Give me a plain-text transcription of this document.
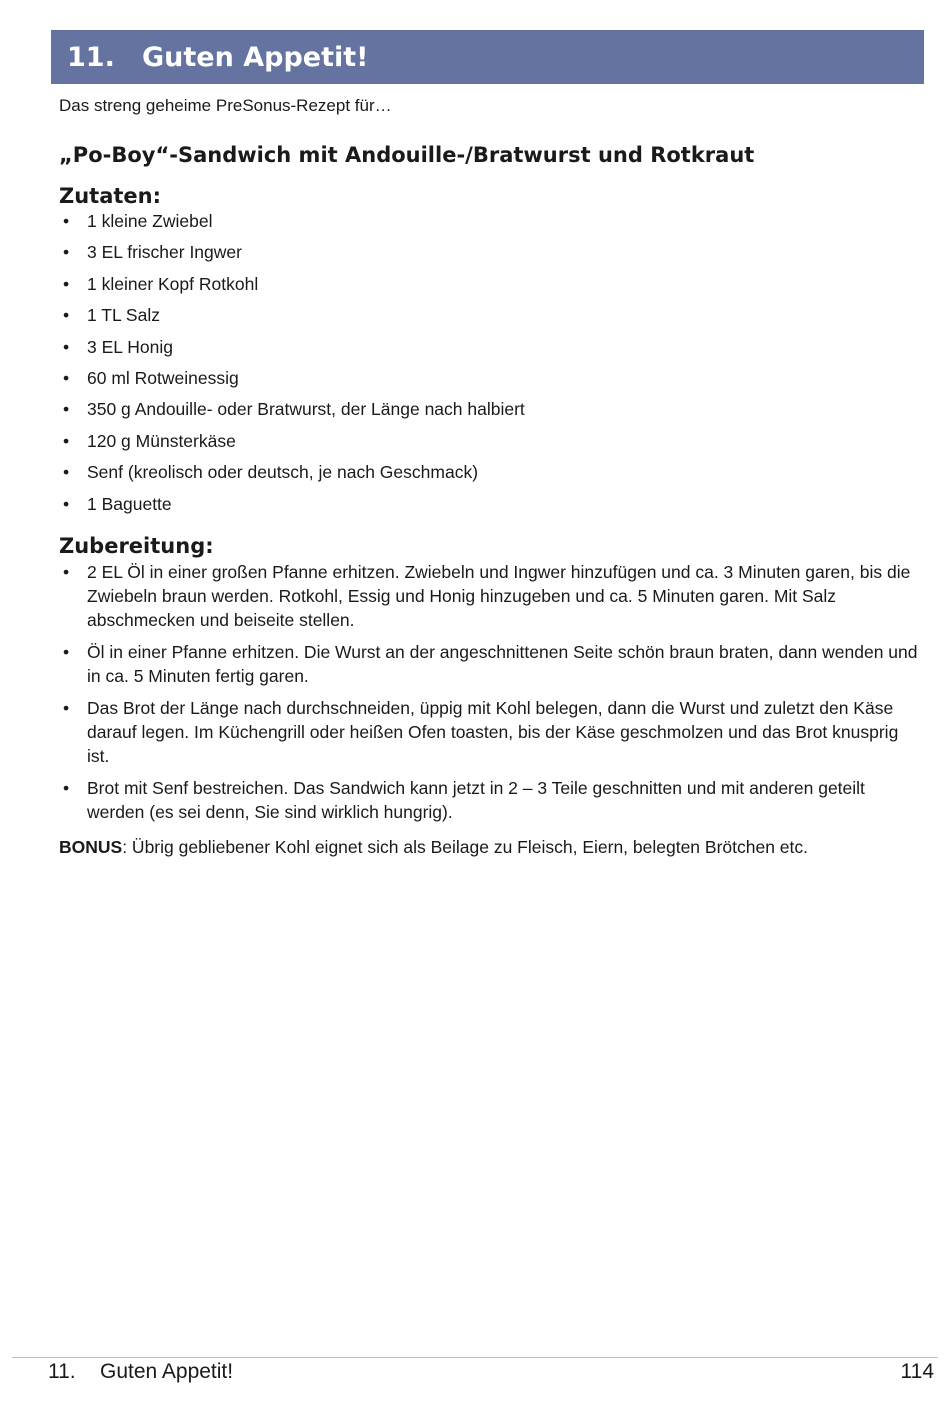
11. Guten Appetit!
Das streng geheime PreSonus-Rezept für…
„Po-Boy“-Sandwich mit Andouille-/Bratwurst und Rotkraut
Zutaten:
• 1 kleine Zwiebel
• 3 EL frischer Ingwer
• 1 kleiner Kopf Rotkohl
• 1 TL Salz
• 3 EL Honig
• 60 ml Rotweinessig
• 350 g Andouille- oder Bratwurst, der Länge nach halbiert
• 120 g Münsterkäse
• Senf (kreolisch oder deutsch, je nach Geschmack)
• 1 Baguette
Zubereitung:
• 2 EL Öl in einer großen Pfanne erhitzen. Zwiebeln und Ingwer hinzufügen und ca. 3 Minuten garen, bis die Zwiebeln braun werden. Rotkohl, Essig und Honig hinzugeben und ca. 5 Minuten garen. Mit Salz abschmecken und beiseite stellen.
• Öl in einer Pfanne erhitzen. Die Wurst an der angeschnittenen Seite schön braun braten, dann wenden und in ca. 5 Minuten fertig garen.
• Das Brot der Länge nach durchschneiden, üppig mit Kohl belegen, dann die Wurst und zuletzt den Käse darauf legen. Im Küchengrill oder heißen Ofen toasten, bis der Käse geschmolzen und das Brot knusprig ist.
• Brot mit Senf bestreichen. Das Sandwich kann jetzt in 2 – 3 Teile geschnitten und mit anderen geteilt werden (es sei denn, Sie sind wirklich hungrig).
BONUS: Übrig gebliebener Kohl eignet sich als Beilage zu Fleisch, Eiern, belegten Brötchen etc.
11. Guten Appetit!	114
